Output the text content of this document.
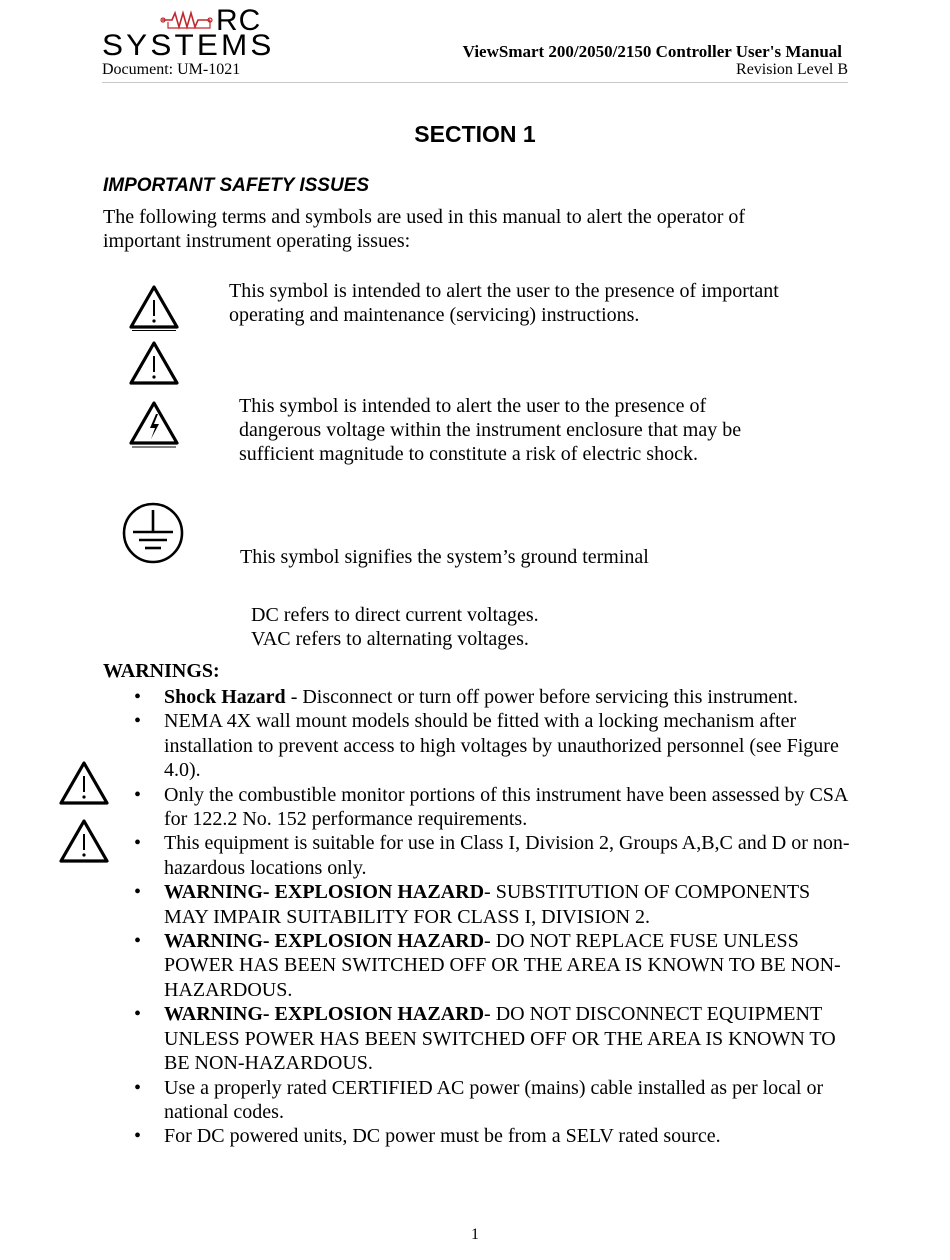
RC
SYSTEMS	ViewSmart 200/2050/2150 Controller User's Manual
Document: UM-1021	Revision Level B
SECTION 1
IMPORTANT SAFETY ISSUES
The following terms and symbols are used in this manual to alert the operator of
important instrument operating issues:
This symbol is intended to alert the user to the presence of important
operating and maintenance (servicing) instructions.
This symbol is intended to alert the user to the presence of
dangerous voltage within the instrument enclosure that may be
sufficient magnitude to constitute a risk of electric shock.
This symbol signifies the system’s ground terminal
DC refers to direct current voltages.
VAC refers to alternating voltages.
WARNINGS:
• Shock Hazard - Disconnect or turn off power before servicing this instrument.
• NEMA 4X wall mount models should be fitted with a locking mechanism after installation to prevent access to high voltages by unauthorized personnel (see Figure 4.0).
• Only the combustible monitor portions of this instrument have been assessed by CSA for 122.2 No. 152 performance requirements.
• This equipment is suitable for use in Class I, Division 2, Groups A,B,C and D or non-hazardous locations only.
• WARNING- EXPLOSION HAZARD- SUBSTITUTION OF COMPONENTS MAY IMPAIR SUITABILITY FOR CLASS I, DIVISION 2.
• WARNING- EXPLOSION HAZARD- DO NOT REPLACE FUSE UNLESS POWER HAS BEEN SWITCHED OFF OR THE AREA IS KNOWN TO BE NON-HAZARDOUS.
• WARNING- EXPLOSION HAZARD- DO NOT DISCONNECT EQUIPMENT UNLESS POWER HAS BEEN SWITCHED OFF OR THE AREA IS KNOWN TO BE NON-HAZARDOUS.
• Use a properly rated CERTIFIED AC power (mains) cable installed as per local or national codes.
• For DC powered units, DC power must be from a SELV rated source.
1
